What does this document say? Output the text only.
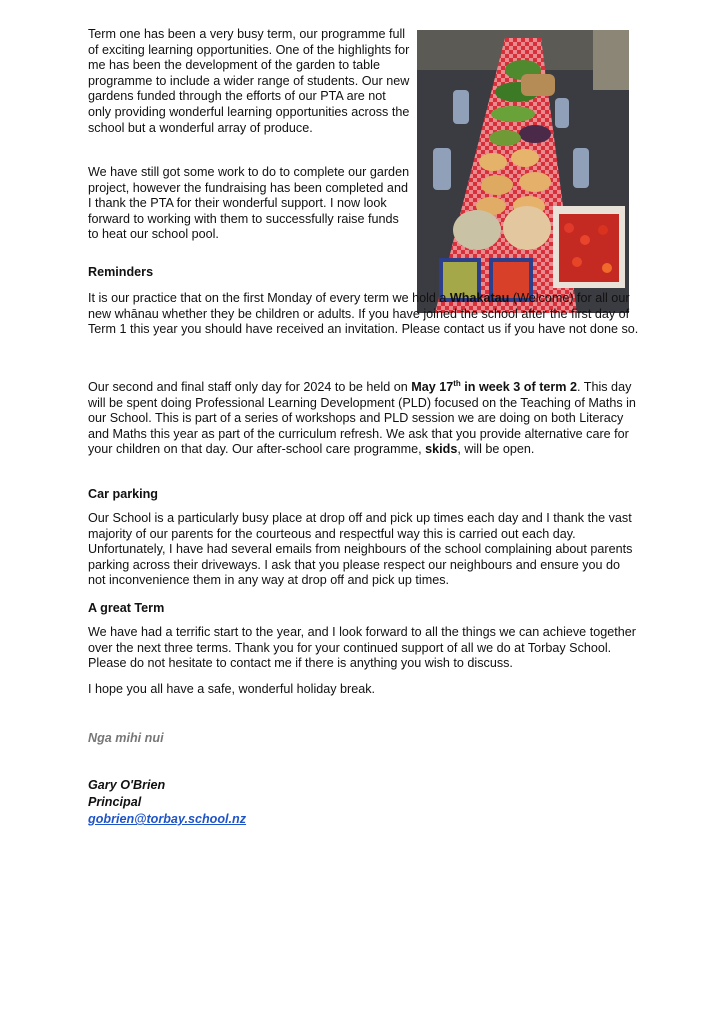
Term one has been a very busy term, our programme full of exciting learning opportunities. One of the highlights for me has been the development of the garden to table programme to include a wider range of students. Our new gardens funded through the efforts of our PTA are not only providing wonderful learning opportunities across the school but a wonderful array of produce.

We have still got some work to do to complete our garden project, however the fundraising has been completed and I thank the PTA for their wonderful support. I now look forward to working with them to successfully raise funds to heat our school pool.

Reminders

It is our practice that on the first Monday of every term we hold a Whakatau (Welcome) for all our new whānau whether they be children or adults. If you have joined the school after the first day of Term 1 this year you should have received an invitation. Please contact us if you have not done so.

Our second and final staff only day for 2024 to be held on May 17th in week 3 of term 2. This day will be spent doing Professional Learning Development (PLD) focused on the Teaching of Maths in our School. This is part of a series of workshops and PLD session we are doing on both Literacy and Maths this year as part of the curriculum refresh. We ask that you provide alternative care for your children on that day. Our after-school care programme, skids, will be open.

Car parking

Our School is a particularly busy place at drop off and pick up times each day and I thank the vast majority of our parents for the courteous and respectful way this is carried out each day. Unfortunately, I have had several emails from neighbours of the school complaining about parents parking across their driveways. I ask that you please respect our neighbours and ensure you do not inconvenience them in any way at drop off and pick up times.

A great Term

We have had a terrific start to the year, and I look forward to all the things we can achieve together over the next three terms. Thank you for your continued support of all we do at Torbay School. Please do not hesitate to contact me if there is anything you wish to discuss.

I hope you all have a safe, wonderful holiday break.

Nga mihi nui

Gary O'Brien

Principal

gobrien@torbay.school.nz
